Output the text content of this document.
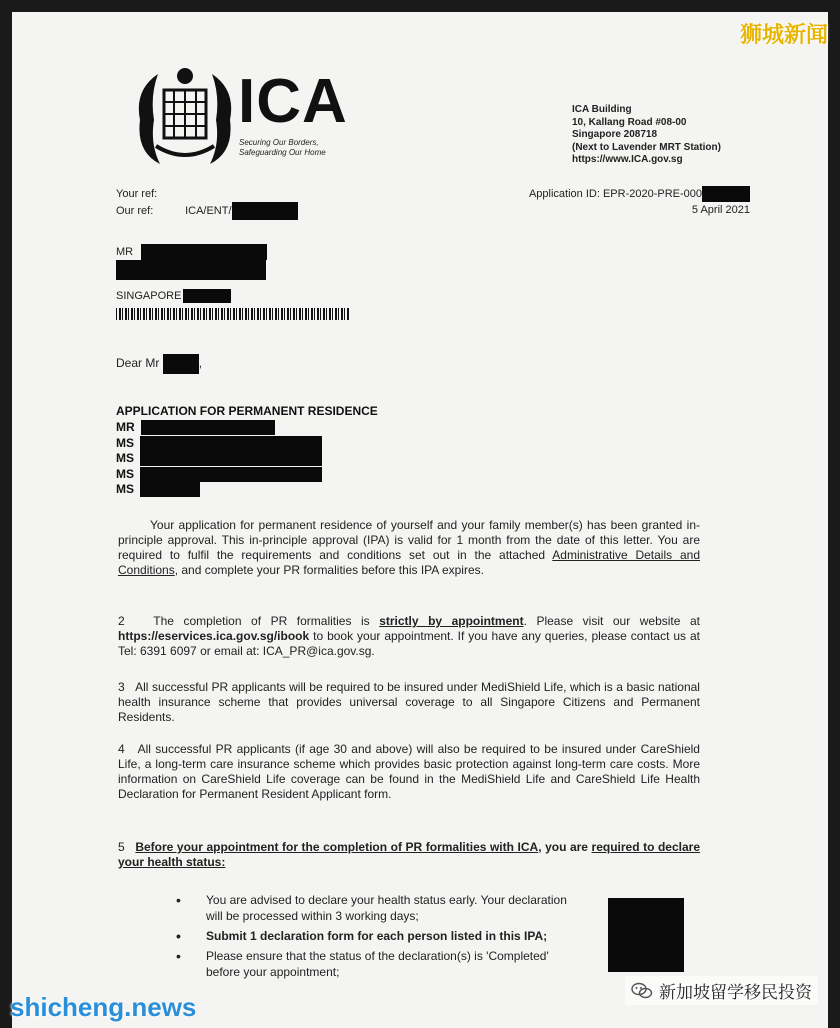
ICA
Securing Our Borders,
Safeguarding Our Home
ICA Building
10, Kallang Road #08-00
Singapore 208718
(Next to Lavender MRT Station)
https://www.ICA.gov.sg
Your ref:
Our ref:	ICA/ENT/
Application ID: EPR-2020-PRE-000
5 April 2021
MR
SINGAPORE
Dear Mr	,
APPLICATION FOR PERMANENT RESIDENCE
MR
MS
MS
MS
MS
Your application for permanent residence of yourself and your family member(s) has been granted in-principle approval. This in-principle approval (IPA) is valid for 1 month from the date of this letter. You are required to fulfil the requirements and conditions set out in the attached Administrative Details and Conditions, and complete your PR formalities before this IPA expires.
2 The completion of PR formalities is strictly by appointment. Please visit our website at https://eservices.ica.gov.sg/ibook to book your appointment. If you have any queries, please contact us at Tel: 6391 6097 or email at: ICA_PR@ica.gov.sg.
3 All successful PR applicants will be required to be insured under MediShield Life, which is a basic national health insurance scheme that provides universal coverage to all Singapore Citizens and Permanent Residents.
4 All successful PR applicants (if age 30 and above) will also be required to be insured under CareShield Life, a long-term care insurance scheme which provides basic protection against long-term care costs. More information on CareShield Life coverage can be found in the MediShield Life and CareShield Life Health Declaration for Permanent Resident Applicant form.
5 Before your appointment for the completion of PR formalities with ICA, you are required to declare your health status:
• You are advised to declare your health status early. Your declaration will be processed within 3 working days;
• Submit 1 declaration form for each person listed in this IPA;
• Please ensure that the status of the declaration(s) is 'Completed' before your appointment;
狮城新闻
shicheng.news	新加坡留学移民投资
